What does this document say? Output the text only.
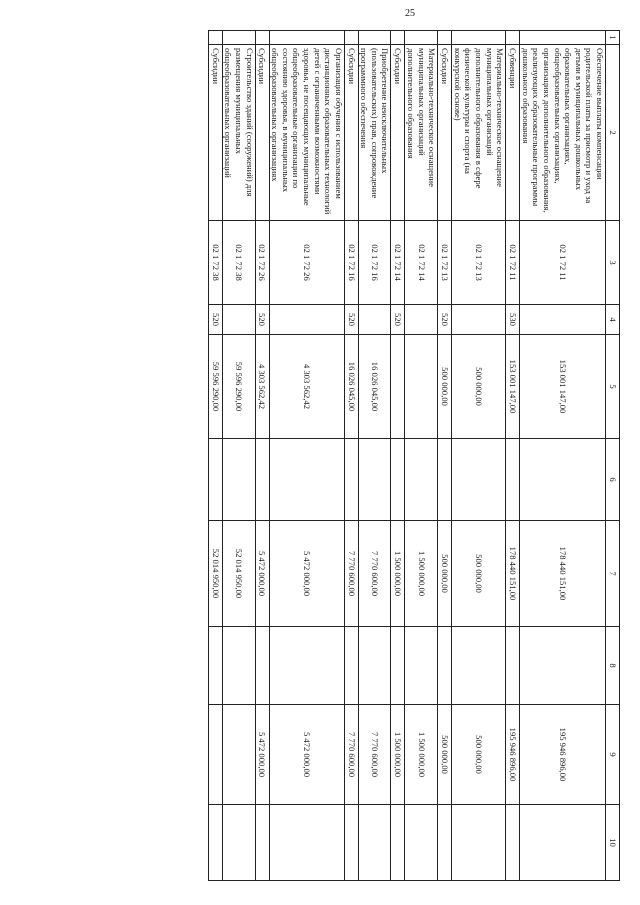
25
1	2	3	4	5	6	7	8	9	10
	Обеспечение выплаты компенсации родительской платы за присмотр и уход за детьми в муниципальных дошкольных образовательных организациях, общеобразовательных организациях, организациях дополнительного образования, реализующих образовательные программы дошкольного образования	02 1 72 11		153 001 147,00		178 440 151,00		195 946 896,00	
	Субвенции	02 1 72 11	530	153 001 147,00		178 440 151,00		195 946 896,00	
	Материально-техническое оснащение муниципальных организаций дополнительного образования в сфере физической культуры и спорта (на конкурсной основе)	02 1 72 13		500 000,00		500 000,00		500 000,00	
	Субсидии	02 1 72 13	520	500 000,00		500 000,00		500 000,00	
	Материально-техническое оснащение муниципальных организаций дополнительного образования	02 1 72 14				1 500 000,00		1 500 000,00	
	Субсидии	02 1 72 14	520			1 500 000,00		1 500 000,00	
	Приобретение неисключительных (пользовательских) прав, сопровождение программного обеспечения	02 1 72 16		16 026 045,00		7 770 600,00		7 770 600,00	
	Субсидии	02 1 72 16	520	16 026 045,00		7 770 600,00		7 770 600,00	
	Организация обучения с использованием дистанционных образовательных технологий детей с ограниченными возможностями здоровья, не посещающих муниципальные общеобразовательные организации по состоянию здоровья, в муниципальных общеобразовательных организациях	02 1 72 26		4 303 562,42		5 472 000,00		5 472 000,00	
	Субсидии	02 1 72 26	520	4 303 562,42		5 472 000,00		5 472 000,00	
	Строительство зданий (сооружений) для размещения муниципальных общеобразовательных организаций	02 1 72 38		59 596 290,00		52 014 950,00			
	Субсидии	02 1 72 38	520	59 596 290,00		52 014 950,00			
